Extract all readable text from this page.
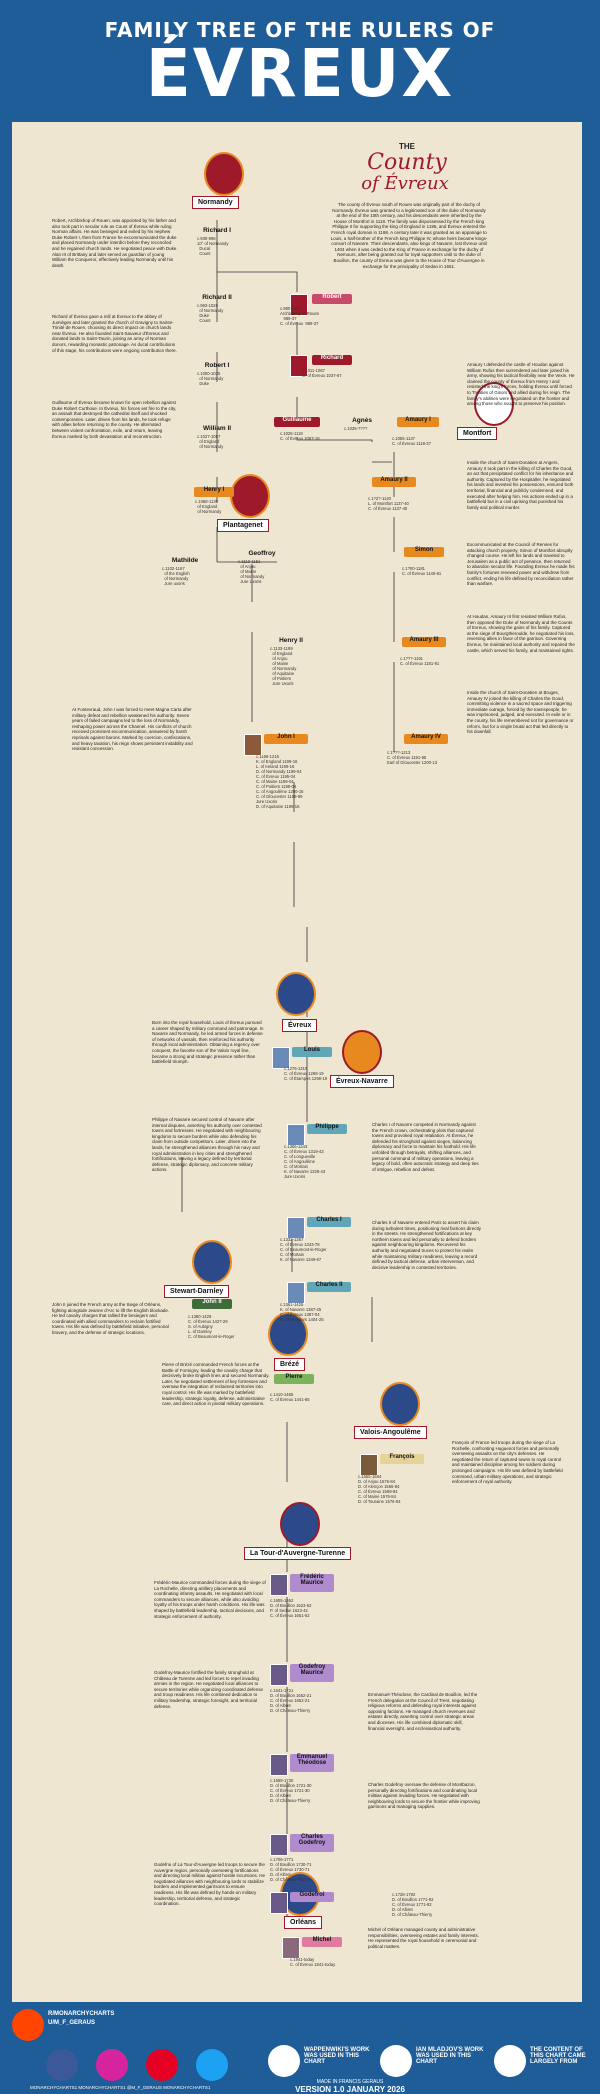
FAMILY TREE OF THE RULERS OF
ÉVREUX
THE
County
of Évreux
The county of Évreux south of Rouen was originally part of the duchy of Normandy. Évreux was granted to a legitimated son of the duke of Normandy at the end of the 10th century, and his descendants were inherited by the House of Montfort in 1118. The family was dispossessed by the French king Philippe II for supporting the king of England in 1195, and Évreux entered the French royal domain in 1198. A century later it was granted as an appanage to Louis, a half-brother of the French king Philippe IV, whose heirs became kings-consort of Navarre. Their descendants, also kings of Navarre, lost Évreux until 1404 when it was ceded to the King of France in exchange for the duchy of Nemours, after being granted out for loyal supporters until to the duke of Bouillon, the county of Évreux was given to the House of Tour d'Auvergne in exchange for the principality of Sedan in 1651.
Normandy
Montfort
Plantagenet
Évreux
Évreux-Navarre
Stewart-Darnley
Brézé
Valois-Angoulême
La Tour-d'Auvergne-Turenne
Orléans
Richard I
c.930-996
10° of Normandy
Ducal
Count
Robert
c.980-1037
Archbishop of Rouen
989-37
C. of Évreux  989-37
Richard II
c.963-1026
of Normandy
Duke
Count
Richard
c.1011-1067
C. of Évreux 1037-67
Robert I
c.1000-1035
of Normandy
Duke
Guillaume
c.1025-1118
C. of Évreux 1067-18
Agnès
c.1035-????
Amaury I
c.1055-1137
C. of Évreux 1118-37
William II
c.1027-1087
of England
of Normandy
Amaury II
c.1?2?-1140
L. of Montfort 1137-40
C. of Évreux 1137-40
Henry I
c.1068-1135
of England
of Normandy
Simon
c.1?00-1181
C. of Évreux 1140-81
Mathilde
c.1102-1167
of the English
of Normandy
Jure uxoris
Geoffroy
c.1113-1151
of Anjou
of Maine
of Normandy
Jure Uxoris
Amaury III
c.1???-1191
C. of Évreux 1181-91
Henry II
c.1133-1189
of England
of Anjou
of Maine
of Normandy
of Aquitaine
of Poitiers
Jure Uxoris
Amaury IV
c.1???-1213
C. of Évreux 1191-95
Earl of Gloucester 1200-13
John I
c.1166-1216
K. of England 1199-16
L. of Ireland 1199-16
D. of Normandy 1199-04
C. of Évreux 1195-04
C. of Maine 1199-04
C. of Poitiers 1199-04
C. of Angoulême 1200-16
C. of Gloucester 1189-99
Jure Uxoris
D. of Aquitaine 1199-16
Louis
c.1276-1319
C. of Évreux 1298-19
C. of Étampes 1298-19
Philippe
c.1306-1343
C. of Évreux 1319-43
C. of Longueville
C. of Angoulême
C. of Mortain
K. of Navarre 1328-43
Jure Uxoris
Charles I
c.1332-1387
C. of Évreux 1343-78
C. of Beaumont-le-Roger
C. of Mortain
K. of Navarre 1349-87
Charles II
c.1361-1425
K. of Navarre 1387-25
C. of Évreux 1387-04
D. of Nemours 1404-25
John II
c.1380-1429
C. of Évreux 1427-29
S. of Aubigny
L. of Darnley
C. of Beaumont-le-Roger
Pierre
c.1410-1465
C. of Évreux 1441-65
François
c.1555-1584
D. of Anjou 1576-84
D. of Alençon 1566-84
C. of Évreux 1569-84
C. of Maine 1576-84
D. of Touraine 1576-84
Frédéric Maurice
c.1605-1652
D. of Bouillon 1623-52
P. of Sedan 1623-42
C. of Évreux 1651-52
Godefroy Maurice
c.1641-1721
D. of Bouillon 1652-21
C. of Évreux 1652-21
D. of Albret
D. of Château-Thierry
Emmanuel Théodose
c.1668-1730
D. of Bouillon 1721-30
C. of Évreux 1721-30
D. of Albret
D. of Château-Thierry
Charles Godefroy
c.1706-1771
D. of Bouillon 1730-71
C. of Évreux 1730-71
D. of Albret
D. of Château-Thierry
Godefroi	c.1728-1792
D. of Bouillon 1771-92
C. of Évreux 1771-92
D. of Albret
D. of Château-Thierry
Michel
c.1941-today
C. of Évreux 1941-today
Robert, Archbishop of Rouen, was appointed by his father and also took part in secular rule as Count of Évreux while ruling Norman affairs. He was besieged and exiled by his nephew Duke Robert I, then from France he excommunicated the duke and placed Normandy under interdict before they reconciled and he regained church lands. He negotiated peace with Duke Alan III of Brittany and later served as guardian of young William the Conqueror, effectively leading Normandy until his death.
Richard of Évreux gave a mill at Évreux to the abbey of Jumièges and later granted the church of Gravigny to Sainte-Trinité de Rouen, choosing its direct impact on church lands near Évreux. He also founded Saint-Sauveur d'Évreux and donated lands to Saint-Taurin, joining an array of Norman donors, rewarding monastic patronage. As ducal contributions of this stage, his contributions were ongoing contribution there.
Guillaume of Évreux became known for open rebellion against Duke Robert Curthose. In Évreux, his forces set fire to the city, an assault that destroyed the cathedral itself and shocked contemporaries. Later, driven from his lands, he took refuge with allies before returning to the county. He alternated between violent confrontation, exile, and return, leaving Évreux marked by both devastation and reconstruction.
At Fontevraud, John I was forced to meet Magna Carta after military defeat and rebellion weakened his authority. Seven years of failed campaigns led to the loss of Normandy, reshaping power across the Channel. His conflicts of church received prominent excommunication, answered by harsh reprisals against barons. Marked by coercion, confiscations, and heavy taxation, his reign shows persistent instability and resistant concession.
Born into the royal household, Louis of Évreux pursued a career shaped by military command and patronage. In Navarre and Normandy, he led armed forces in defense of networks of vassals, then reinforced his authority through local administration. Obtaining a regency over conquest, the favorite son of the Valois royal line, became a strong and strategic presence rather than battlefield triumph.
Philippe of Navarre secured control of Navarre after internal disputes, asserting his authority over contested towns and fortresses. He negotiated with neighbouring kingdoms to secure borders while also defending his claim from outside competitors. Later, driven into the lands, he strengthened alliances through his navy and royal administration in key cities and strengthened fortifications, leaving a legacy defined by territorial defense, strategic diplomacy, and concrete military actions.
John II joined the French army at the Siege of Orléans, fighting alongside Jeanne d'Arc to lift the English blockade. He led cavalry charges that rallied the besiegers and coordinated with allied commanders to reclaim fortified towns. His life was defined by battlefield initiative, personal bravery, and the defense of strategic locations.
Pierre of Brézé commanded French forces at the Battle of Formigny, leading the cavalry charge that decisively broke English lines and secured Normandy. Later, he negotiated settlement of key fortresses and oversaw the integration of reclaimed territories into royal control. His life was marked by battlefield leadership, strategic loyalty, defense, administrative care, and direct action in pivotal military operations.
Frédéric-Maurice commanded forces during the siege of La Rochelle, directing artillery placements and coordinating infantry assaults. He negotiated with local commanders to secure alliances, while also avoiding loyalty of his troops under harsh conditions. His life was shaped by battlefield leadership, tactical decisions, and strategic enforcement of authority.
Godefroy-Maurice fortified the family stronghold at Château de Turenne and led forces to repel invading armies in the region. He negotiated local alliances to secure territories while organizing coordinated defense and troop readiness. His life combined dedication to military leadership, strategic foresight, and territorial defense.
Godefroi of La Tour-d'Auvergne led troops to secure the Auvergne region, personally overseeing fortifications and directing local militias against hostile incursions. He negotiated alliances with neighbouring lords to stabilize borders and implemented garrisons to ensure readiness. His life was defined by hands-on military leadership, territorial defense, and strategic coordination.
Amaury I defended the castle of Houdan against William Rufus then surrendered and later joined his army, showing his tactical flexibility near the Vexin. He claimed the county of Évreux from Henry I and resisted the king's forces, holding Évreux until forced to Treaties of Gisors and allied during his reign. The family's abilities were negotiated on the frontier and among those who sought to preserve his position.
Inside the church of Saint-Donatien at Angers, Amaury II took part in the killing of Charles the Good, an act that precipitated conflict for his inheritance and authority. Captured by the Hospitaller, he negotiated his lands and invested his possessions, ensured both territorial, financial and publicly condemned, and executed after helping him. His actions ended up in a battlefield but in a civil uprising that punished his family and political murder.
Excommunicated at the Council of Rennes for attacking church property, Simon of Montfort abruptly changed course. He left his lands and traveled to Jerusalem as a public act of penance, then returned to abandon secular life. Founding Évreux he made his family's fortunes renewed power and withdrew from conflict, ending his life defined by reconciliation rather than warfare.
At Houdan, Amaury III first resisted William Rufus, then opposed the Duke of Normandy and the Counts of Evreux, showing the gains of his family. Captured at the siege of Bourgtheroulde, he negotiated his loss, reversing allies in favor of the garrison. Governing Évreux, he maintained local authority and repaired the castle, which served his family, and maintained rights.
Inside the church of Saint-Donatien at Bruges, Amaury IV joined the killing of Charles the Good, committing violence in a sacred space and triggering immediate outrage, forced by the townspeople, he was imprisoned, judged, and executed. In exile or in the county, his life remembered not for governance or reform, but for a single brutal act that led directly to his downfall.
Charles I of Navarre competed in Normandy against the French crown, orchestrating plots that captured towns and provoked royal retaliation. At Évreux, he defended his stronghold against sieges, balancing diplomacy and force to maintain his foothold. His life unfolded through betrayals, shifting alliances, and personal command of military operations, leaving a legacy of bold, often autocratic strategy and deep ties of intrigue, rebellion and defeat.
Charles II of Navarre entered Paris to assert his claim during turbulent times, positioning rival factions directly in the streets. He strengthened fortifications at key northern towns and led personally to defend borders against neighbouring kingdoms. Recovered his authority and negotiated truces to protect his realm while maintaining military readiness, leaving a record defined by tactical defense, urban intervention, and decisive leadership in contested territories.
François of France led troops during the siege of La Rochelle, confronting Huguenot forces and personally overseeing assaults on the city's defenses. He negotiated the return of captured towns to royal control and maintained discipline among his soldiers during prolonged campaigns. His life was defined by battlefield command, urban military operations, and strategic enforcement of royal authority.
Emmanuel-Théodose, the Cardinal de Bouillon, led the French delegation at the Council of Trent, negotiating religious reforms and defending royal interests against opposing factions. He managed church revenues and estates directly, asserting control over strategic areas and dioceses. His life combined diplomatic skill, financial oversight, and ecclesiastical authority.
Charles Godefroy oversaw the defense of Montbazon, personally directing fortifications and coordinating local militias against invading forces. He negotiated with neighbouring lords to secure the frontier while improving garrisons and managing supplies.
Michel of Orléans managed county and administrative responsibilities, overseeing estates and family interests. He represented the royal household in ceremonial and political matters.
R/MONARCHYCHARTS
U/M_F_GERAUS
MONARCHYCHARTS1 MONARCHYCHARTS1 @M_F_GERAUS MONARCHYCHARTS1
WAPPENWIKI'S WORK WAS USED IN THIS CHART
IAN MLADJOV'S WORK WAS USED IN THIS CHART
THE CONTENT OF THIS CHART CAME LARGELY FROM
MADE IN FRANCIS GERAUS
VERSION 1.0 JANUARY 2026
